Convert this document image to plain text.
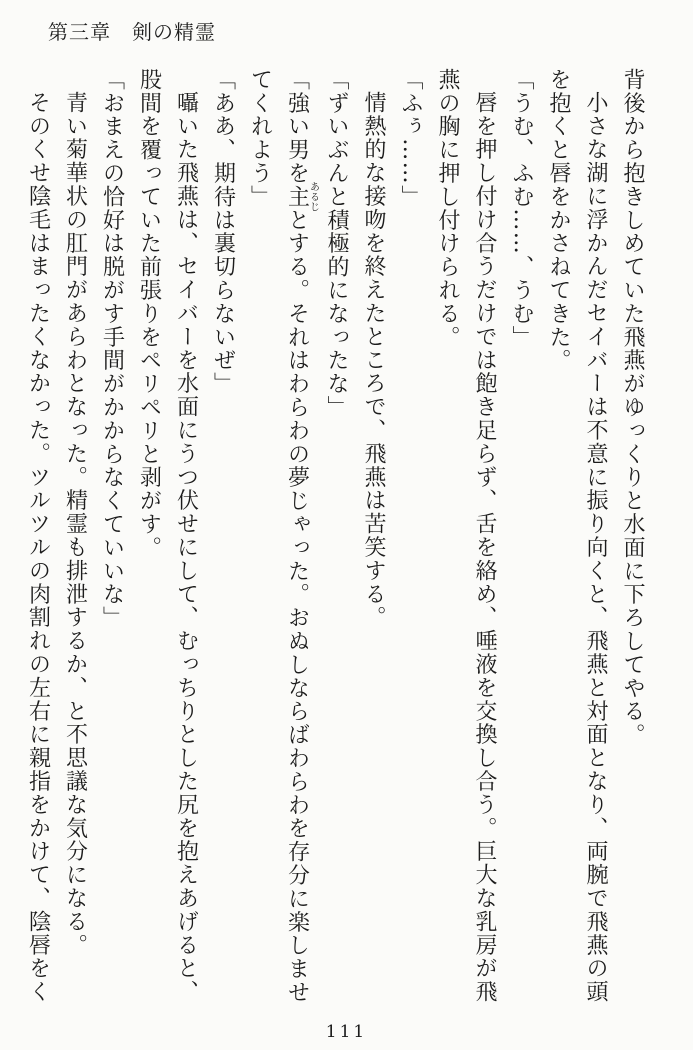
第三章　剣の精霊

背後から抱きしめていた飛燕がゆっくりと水面に下ろしてやる。

小さな湖に浮かんだセイバーは不意に振り向くと、飛燕と対面となり、両腕で飛燕の頭

を抱くと唇をかさねてきた。

「うむ、ふむ……、うむ」

唇を押し付け合うだけでは飽き足らず、舌を絡め、唾液を交換し合う。巨大な乳房が飛

燕の胸に押し付けられる。

「ふぅ……」

情熱的な接吻を終えたところで、飛燕は苦笑する。

「ずいぶんと積極的になったな」

「強い男を主あるじとする。それはわらわの夢じゃった。おぬしならばわらわを存分に楽しませ

てくれよう」

「ああ、期待は裏切らないぜ」

囁いた飛燕は、セイバーを水面にうつ伏せにして、むっちりとした尻を抱えあげると、

股間を覆っていた前張りをペリペリと剥がす。

「おまえの恰好は脱がす手間がかからなくていいな」

青い菊華状の肛門があらわとなった。精霊も排泄するか、と不思議な気分になる。

そのくせ陰毛はまったくなかった。ツルツルの肉割れの左右に親指をかけて、陰唇をく

111
